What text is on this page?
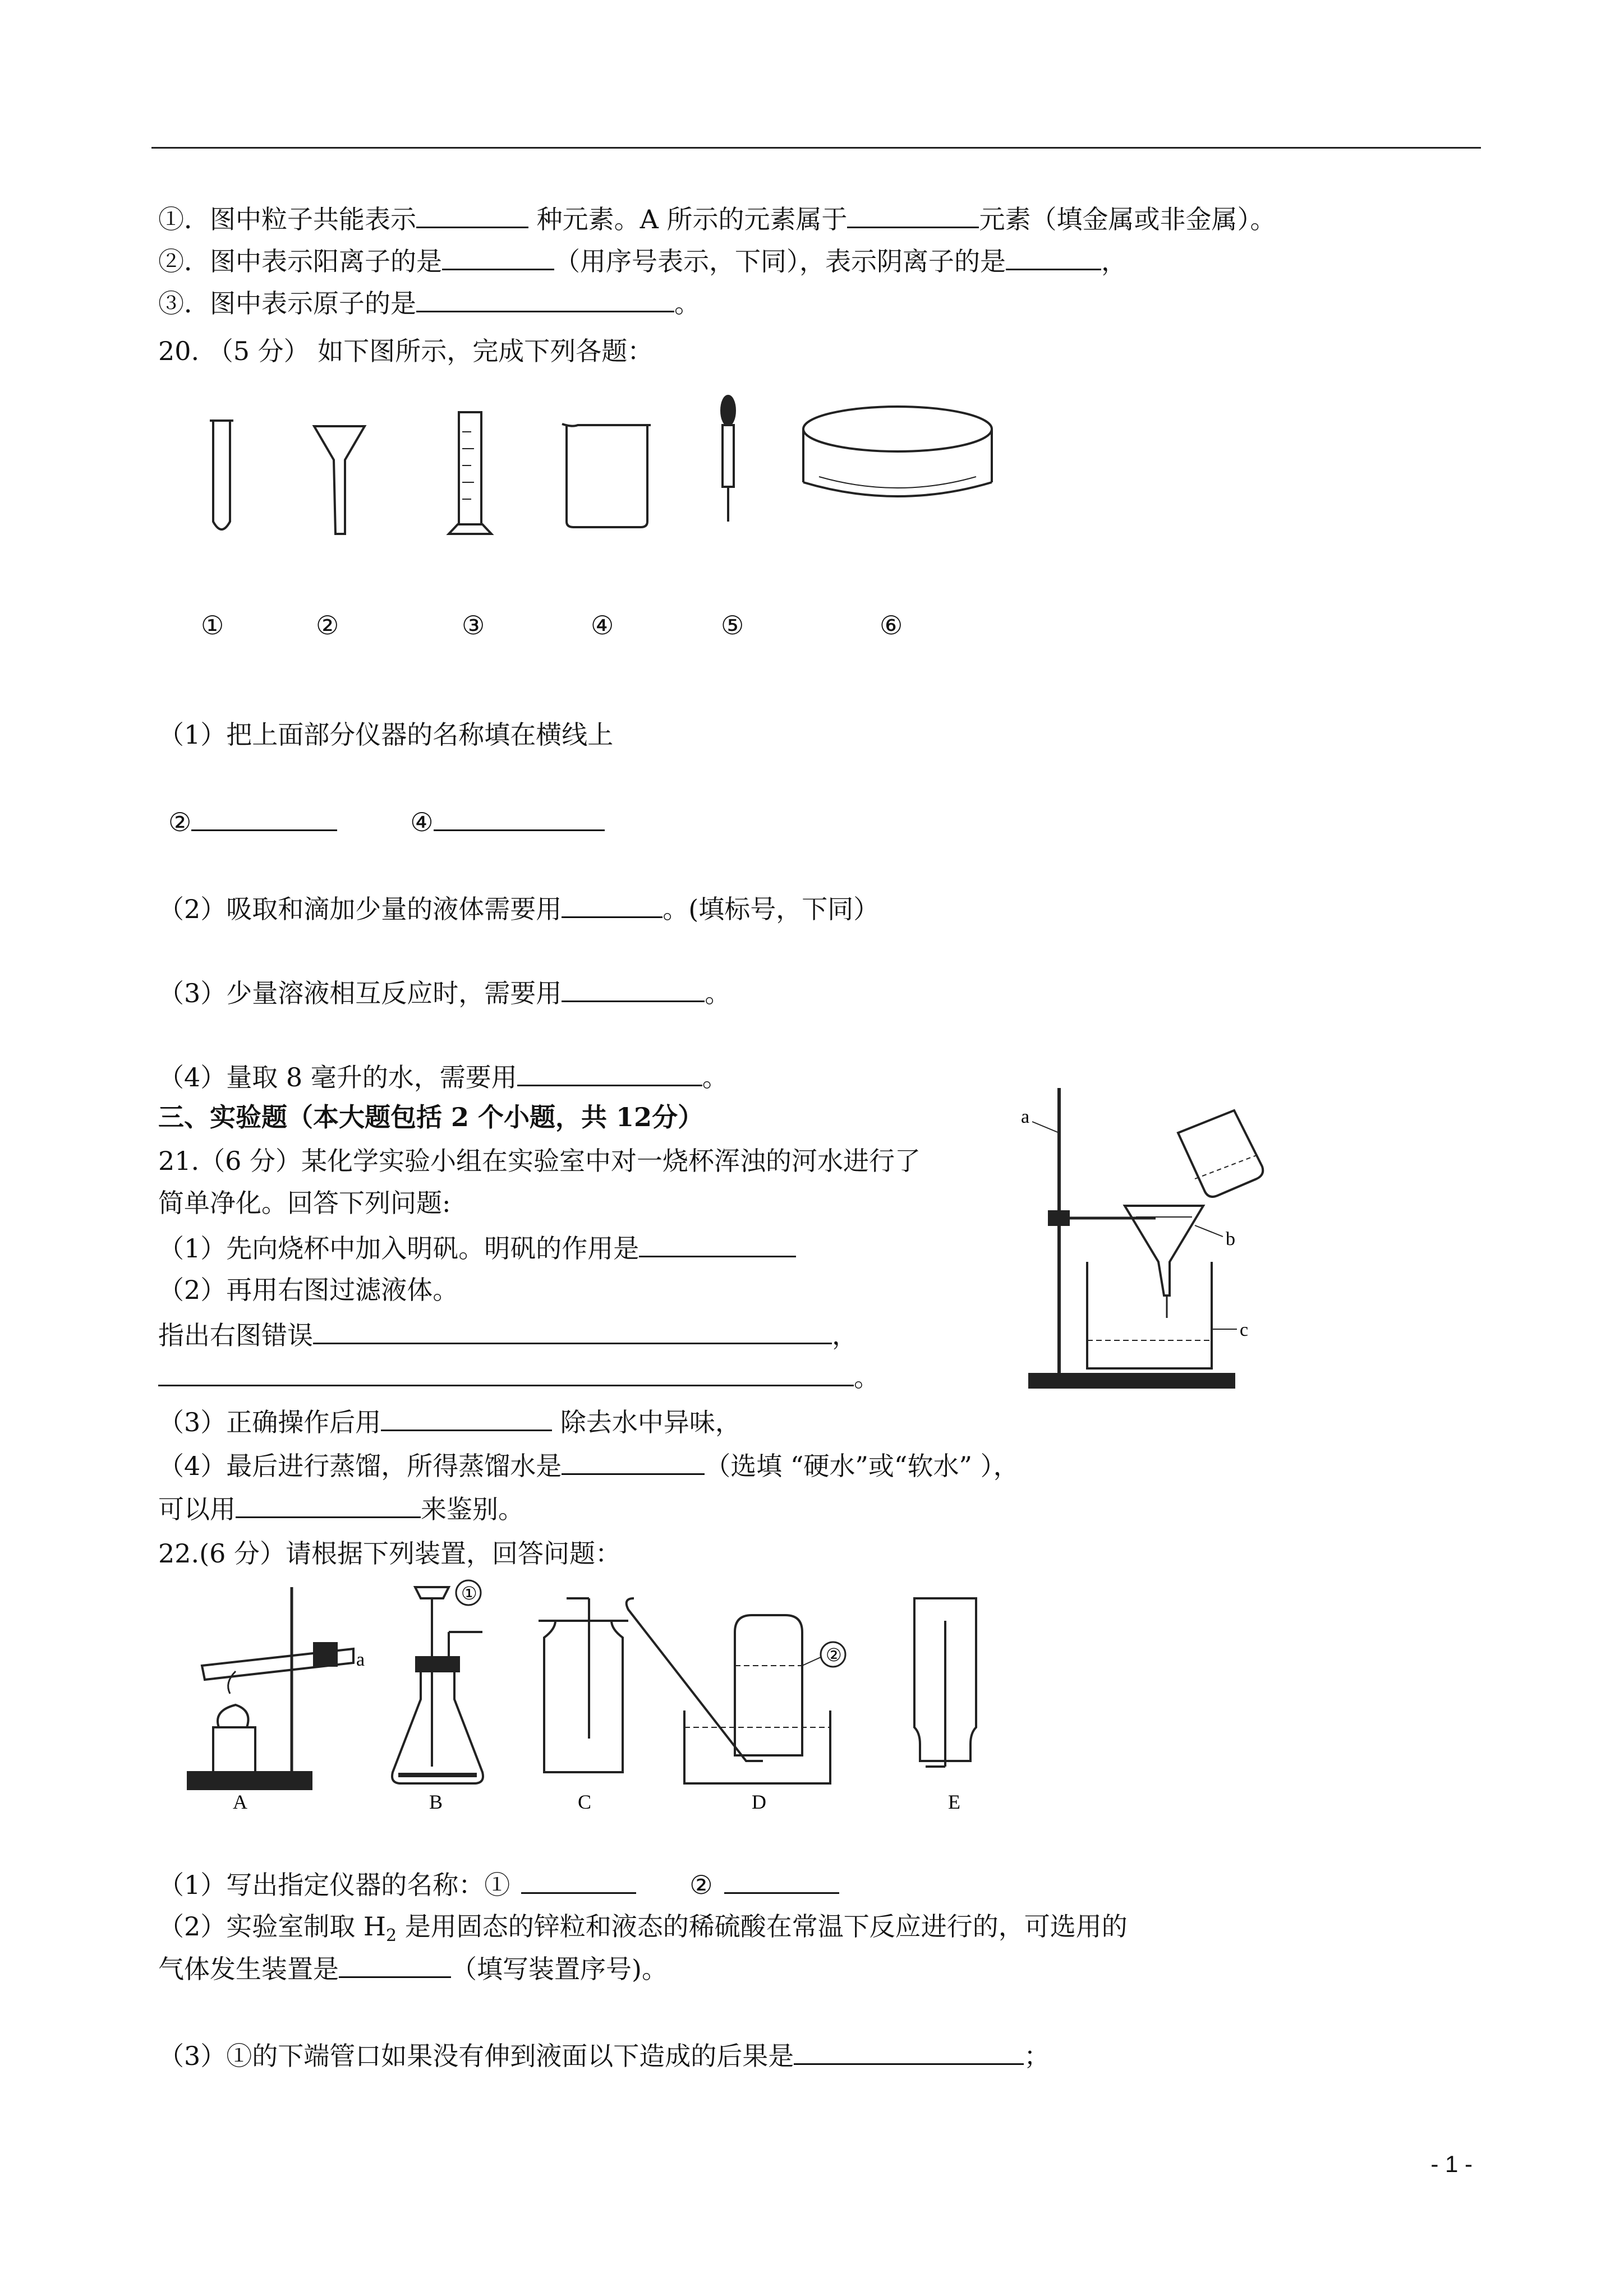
①．图中粒子共能表示	种元素。A 所示的元素属于	元素（填金属或非金属）。
②．图中表示阳离子的是	（用序号表示，下同），表示阴离子的是	，
③．图中表示原子的是	。
20. （5 分） 如下图所示，完成下列各题：
①	②	③	④	⑤	⑥
（1）把上面部分仪器的名称填在横线上
②	④
（2）吸取和滴加少量的液体需要用	。(填标号，下同）
（3）少量溶液相互反应时，需要用	。
（4）量取 8 毫升的水，需要用	。
三、实验题（本大题包括 2 个小题，共 12分）
21.（6 分）某化学实验小组在实验室中对一烧杯浑浊的河水进行了
简单净化。回答下列问题:
（1）先向烧杯中加入明矾。明矾的作用是
（2）再用右图过滤液体。
指出右图错误	，
。
（3）正确操作后用	除去水中异味，
（4）最后进行蒸馏，所得蒸馏水是	（选填 “硬水”或“软水” ），
可以用	来鉴别。
a
b
c
22.(6 分）请根据下列装置，回答问题：
a
①
②
A	B	C	D	E
（1）写出指定仪器的名称：①	②
（2）实验室制取 $H_2$ 是用固态的锌粒和液态的稀硫酸在常温下反应进行的，可选用的
气体发生装置是	（填写装置序号)。
（3）①的下端管口如果没有伸到液面以下造成的后果是	；
- 1 -
